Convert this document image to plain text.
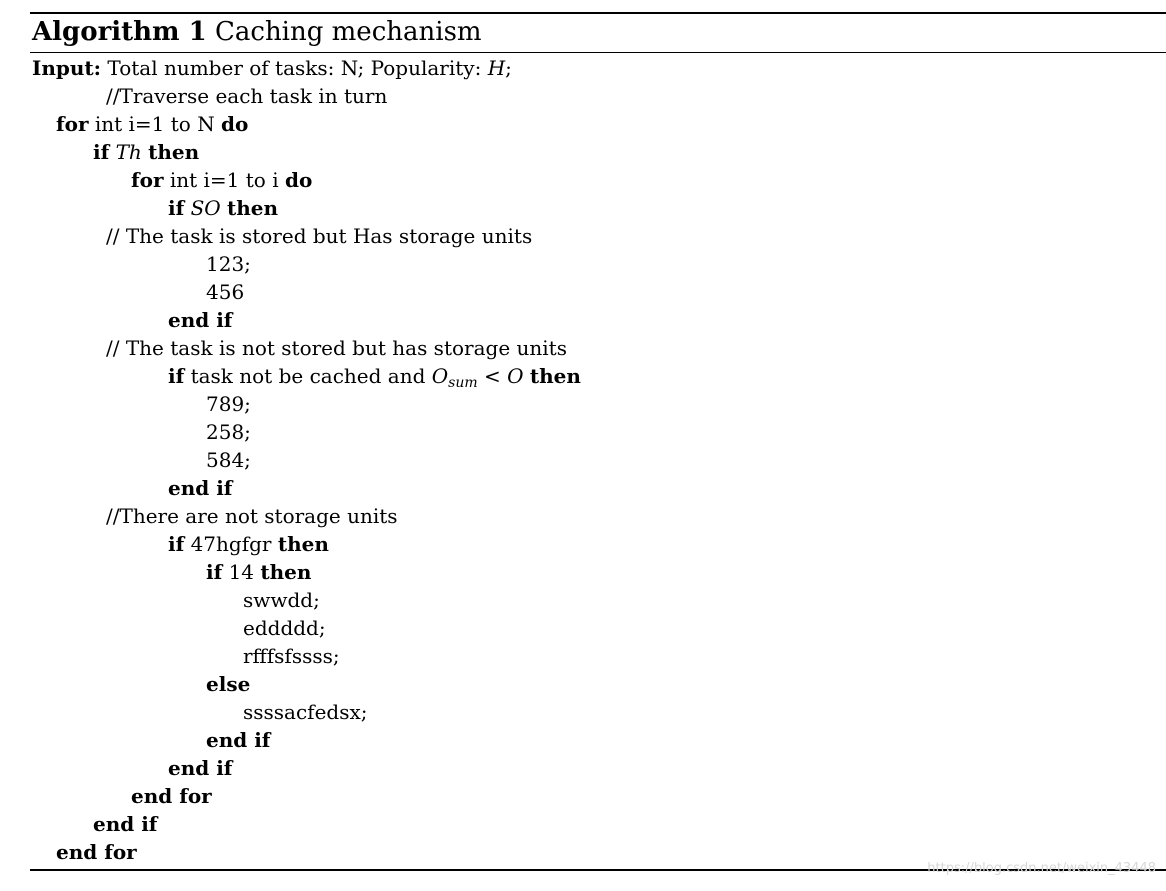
Algorithm 1 Caching mechanism
Input: Total number of tasks: N; Popularity: H;
//Traverse each task in turn
for int i=1 to N do
if Th then
for int i=1 to i do
if SO then
// The task is stored but Has storage units
123;
456
end if
// The task is not stored but has storage units
if task not be cached and $O_{sum} < O$ then
789;
258;
584;
end if
//There are not storage units
if 47hgfgr then
if 14 then
swwdd;
eddddd;
rfffsfssss;
else
ssssacfedsx;
end if
end if
end for
end if
end for
https://blog.csdn.net/weixin_43448
